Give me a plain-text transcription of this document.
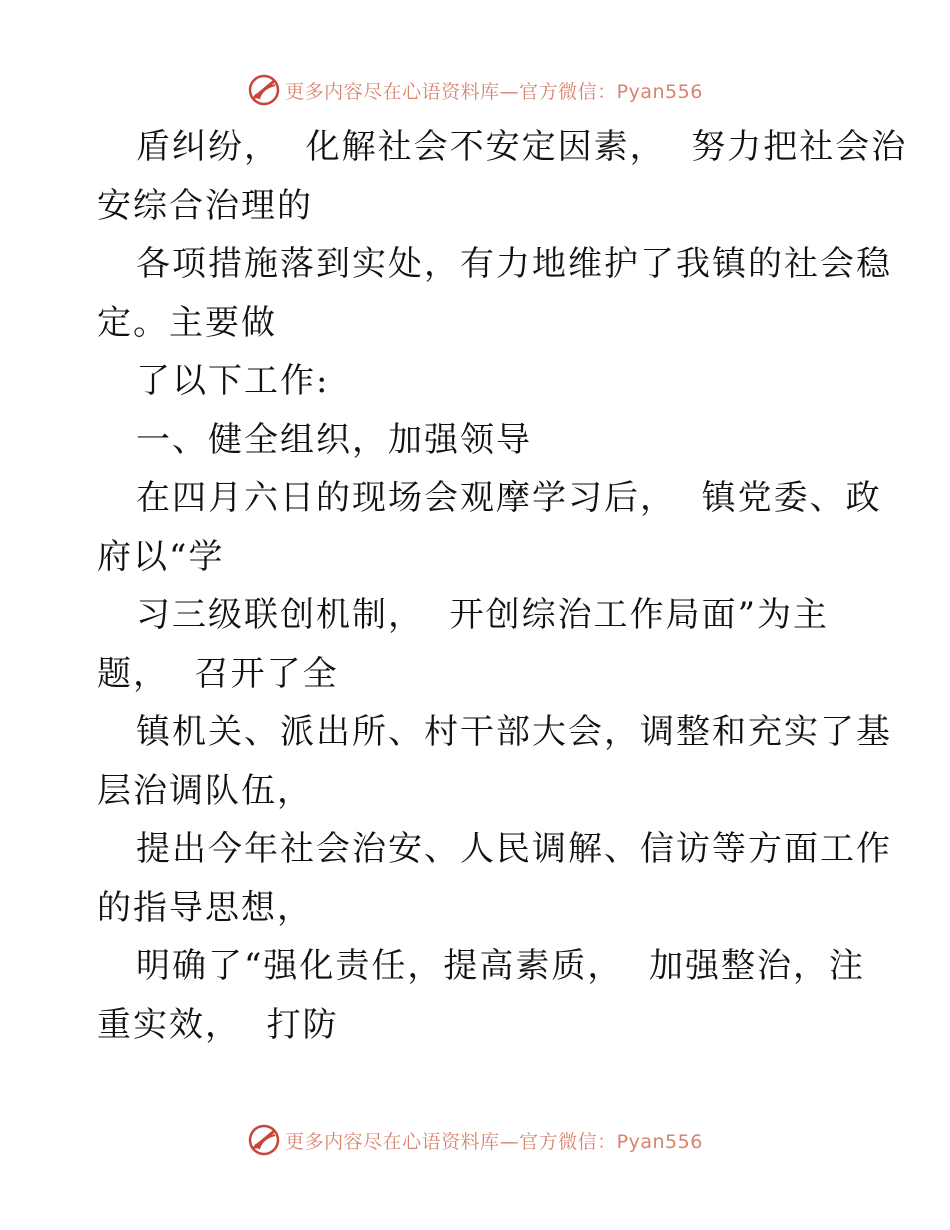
更多内容尽在心语资料库—官方微信：Pyan556
盾纠纷，  化解社会不安定因素，  努力把社会治
安综合治理的
各项措施落到实处，有力地维护了我镇的社会稳
定。主要做
了以下工作:
一、健全组织，加强领导
在四月六日的现场会观摩学习后，  镇党委、政
府以“学
习三级联创机制，  开创综治工作局面”为主
题，  召开了全
镇机关、派出所、村干部大会，调整和充实了基
层治调队伍，
提出今年社会治安、人民调解、信访等方面工作
的指导思想，
明确了“强化责任，提高素质，  加强整治，注
重实效，  打防
更多内容尽在心语资料库—官方微信：Pyan556
